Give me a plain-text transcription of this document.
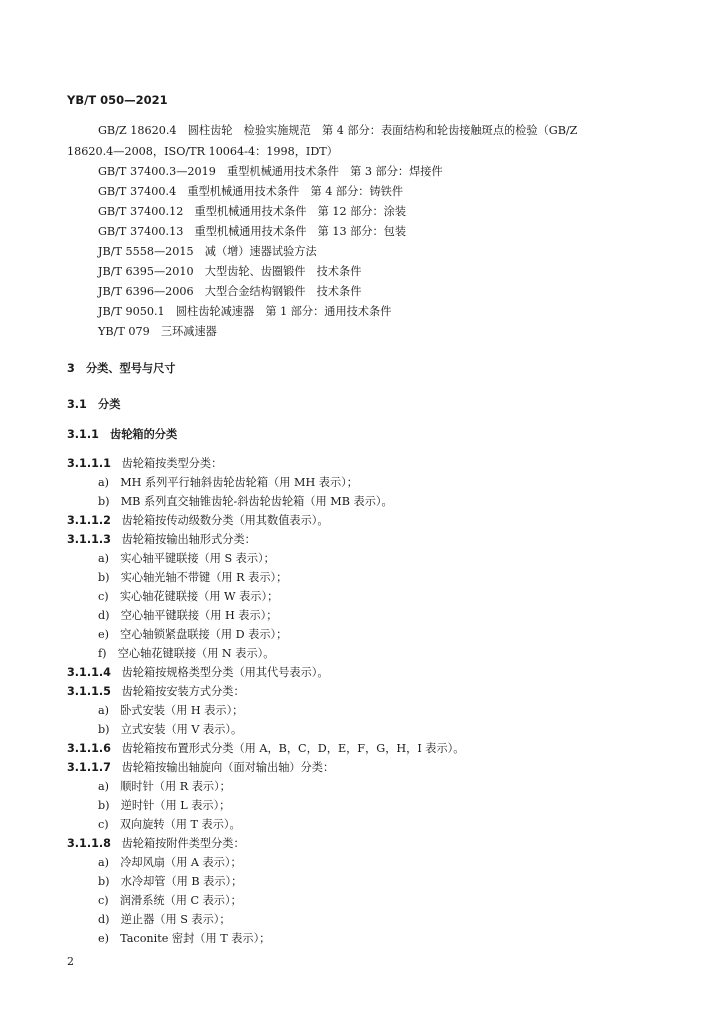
YB/T 050—2021
GB/Z 18620.4　圆柱齿轮　检验实施规范　第 4 部分：表面结构和轮齿接触斑点的检验（GB/Z
18620.4—2008，ISO/TR 10064-4：1998，IDT）
GB/T 37400.3—2019　重型机械通用技术条件　第 3 部分：焊接件
GB/T 37400.4　重型机械通用技术条件　第 4 部分：铸铁件
GB/T 37400.12　重型机械通用技术条件　第 12 部分：涂装
GB/T 37400.13　重型机械通用技术条件　第 13 部分：包装
JB/T 5558—2015　减（增）速器试验方法
JB/T 6395—2010　大型齿轮、齿圈锻件　技术条件
JB/T 6396—2006　大型合金结构钢锻件　技术条件
JB/T 9050.1　圆柱齿轮减速器　第 1 部分：通用技术条件
YB/T 079　三环减速器
3　分类、型号与尺寸
3.1　分类
3.1.1　齿轮箱的分类
3.1.1.1 齿轮箱按类型分类：
a)　MH 系列平行轴斜齿轮齿轮箱（用 MH 表示）；
b)　MB 系列直交轴锥齿轮-斜齿轮齿轮箱（用 MB 表示）。
3.1.1.2 齿轮箱按传动级数分类（用其数值表示）。
3.1.1.3 齿轮箱按输出轴形式分类：
a)　实心轴平键联接（用 S 表示）；
b)　实心轴光轴不带键（用 R 表示）；
c)　实心轴花键联接（用 W 表示）；
d)　空心轴平键联接（用 H 表示）；
e)　空心轴锁紧盘联接（用 D 表示）；
f)　空心轴花键联接（用 N 表示）。
3.1.1.4 齿轮箱按规格类型分类（用其代号表示）。
3.1.1.5 齿轮箱按安装方式分类：
a)　卧式安装（用 H 表示）；
b)　立式安装（用 V 表示）。
3.1.1.6 齿轮箱按布置形式分类（用 A，B，C，D，E，F，G，H，I 表示）。
3.1.1.7 齿轮箱按输出轴旋向（面对输出轴）分类：
a)　顺时针（用 R 表示）；
b)　逆时针（用 L 表示）；
c)　双向旋转（用 T 表示）。
3.1.1.8 齿轮箱按附件类型分类：
a)　冷却风扇（用 A 表示）；
b)　水冷却管（用 B 表示）；
c)　润滑系统（用 C 表示）；
d)　逆止器（用 S 表示）；
e)　Taconite 密封（用 T 表示）；
2
